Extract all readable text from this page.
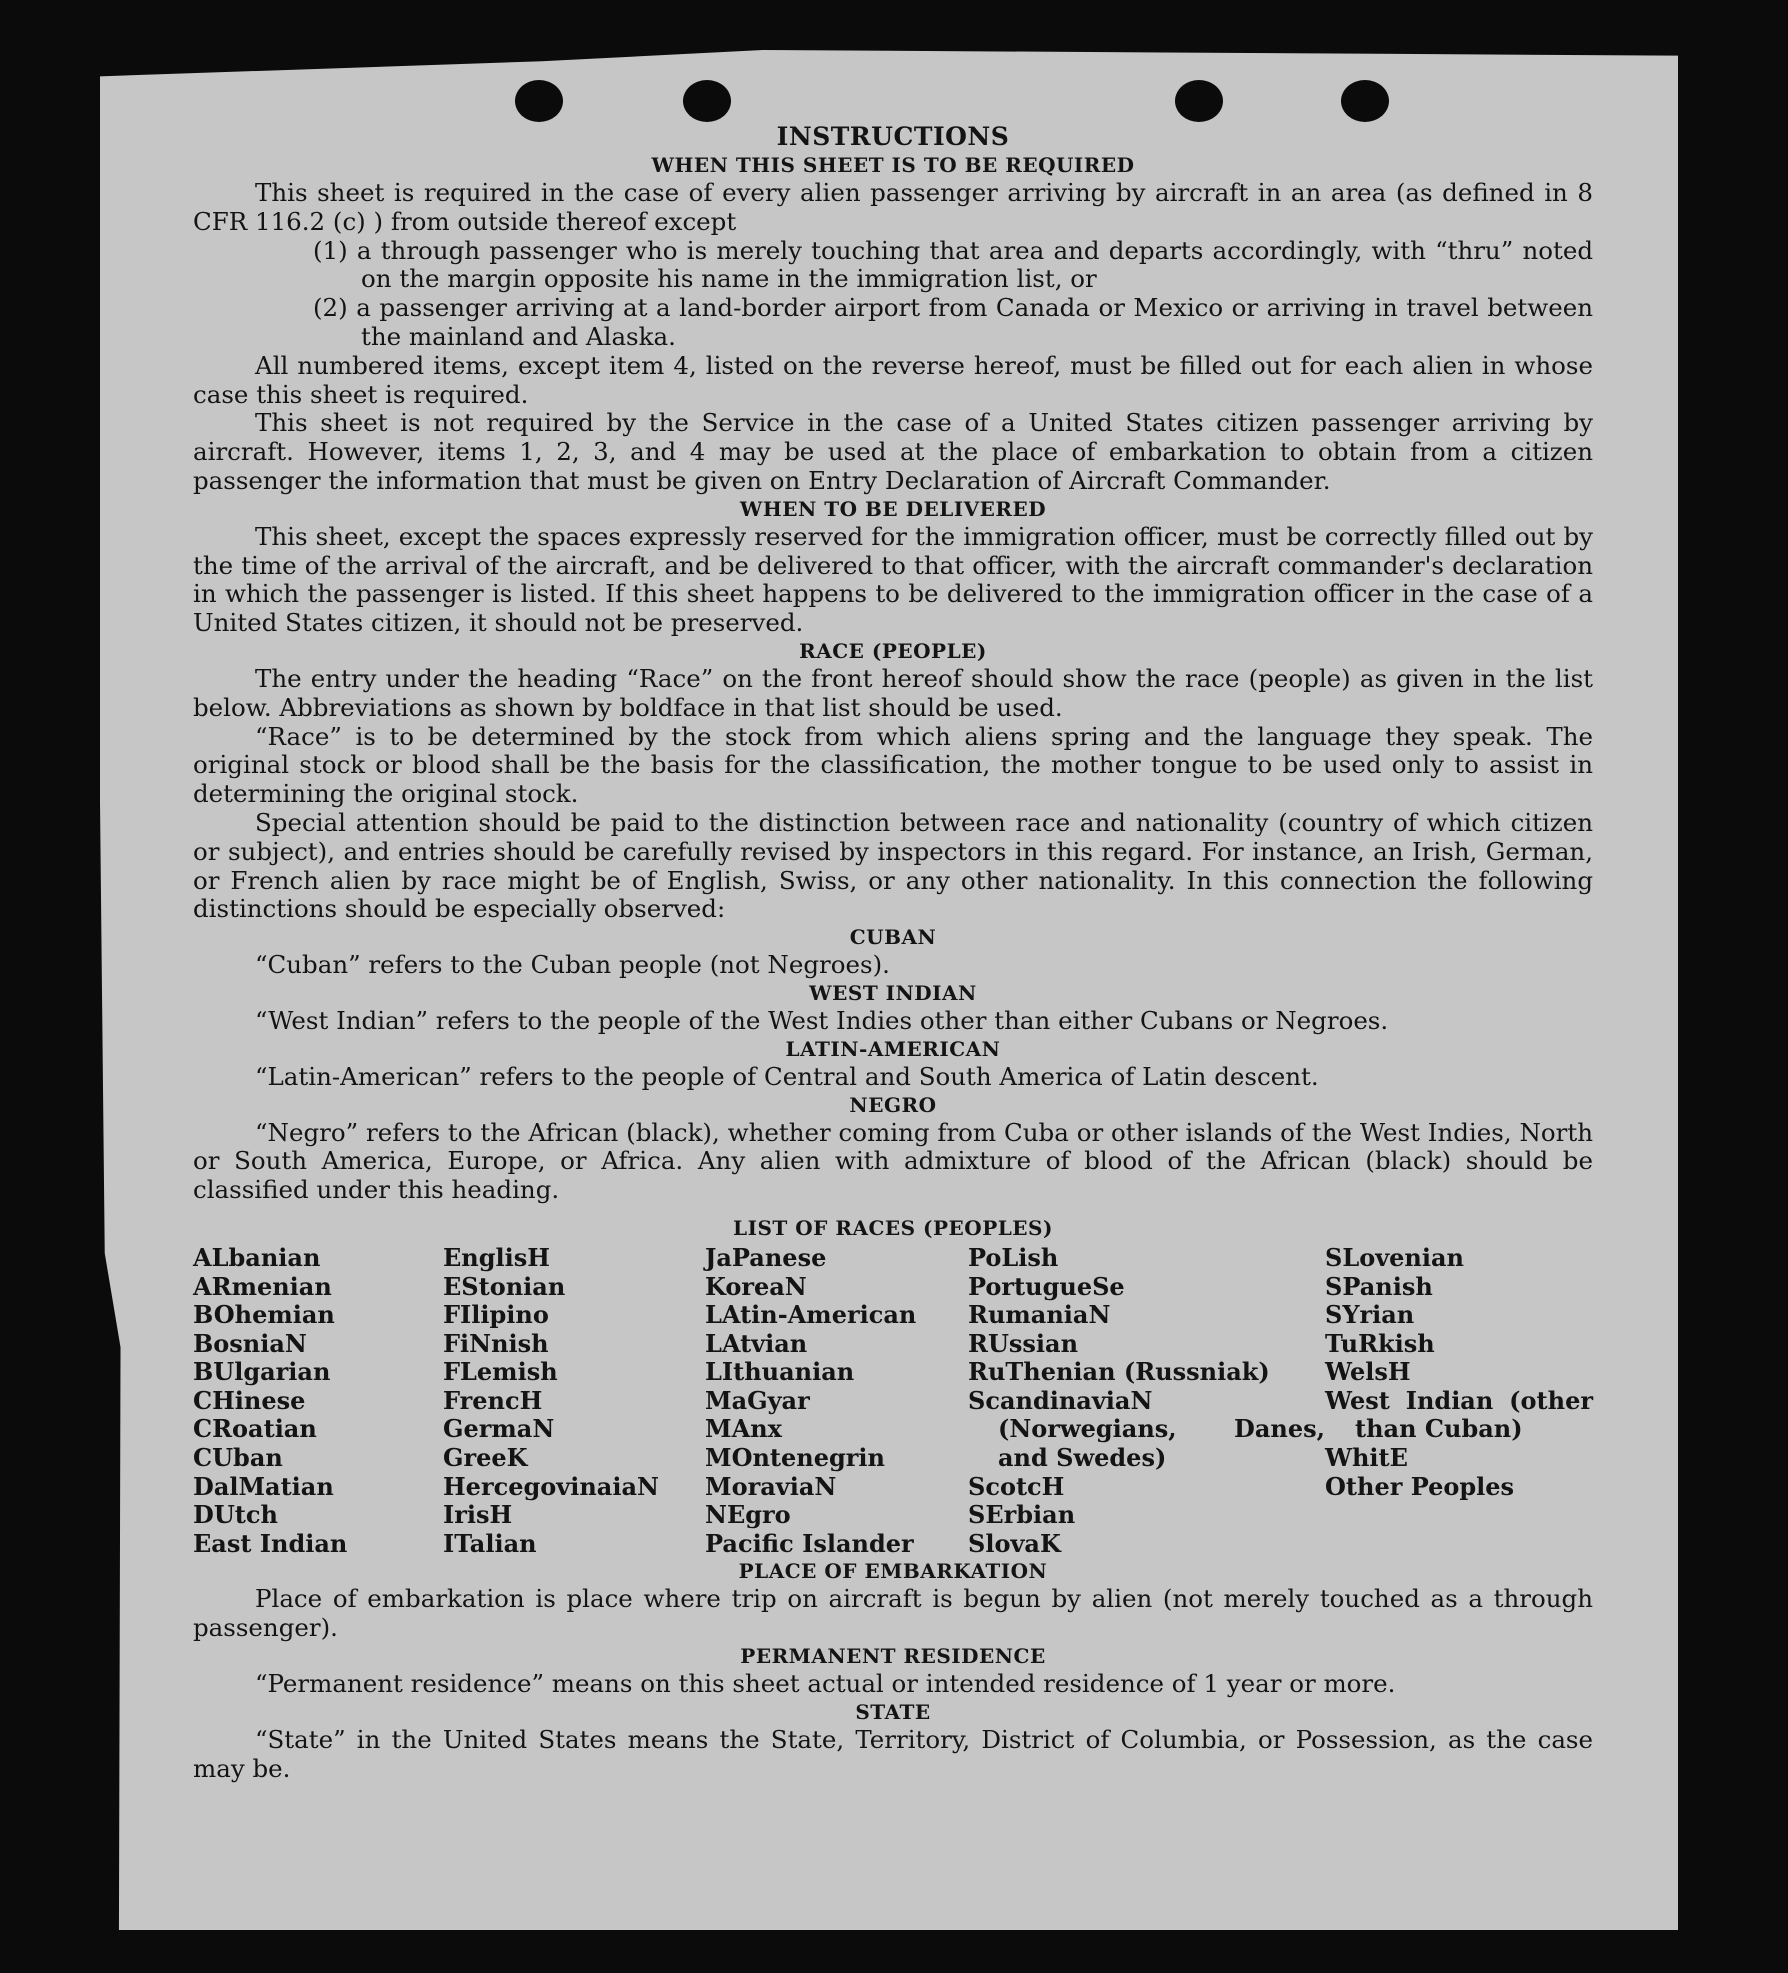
INSTRUCTIONS
WHEN THIS SHEET IS TO BE REQUIRED

This sheet is required in the case of every alien passenger arriving by aircraft in an area (as defined in 8 CFR 116.2 (c) ) from outside thereof except

(1) a through passenger who is merely touching that area and departs accordingly, with “thru” noted on the margin opposite his name in the immigration list, or
(2) a passenger arriving at a land-border airport from Canada or Mexico or arriving in travel between the mainland and Alaska.

All numbered items, except item 4, listed on the reverse hereof, must be filled out for each alien in whose case this sheet is required.

This sheet is not required by the Service in the case of a United States citizen passenger arriving by aircraft. However, items 1, 2, 3, and 4 may be used at the place of embarkation to obtain from a citizen passenger the information that must be given on Entry Declaration of Aircraft Commander.

WHEN TO BE DELIVERED

This sheet, except the spaces expressly reserved for the immigration officer, must be correctly filled out by the time of the arrival of the aircraft, and be delivered to that officer, with the aircraft commander's declaration in which the passenger is listed. If this sheet happens to be delivered to the immigration officer in the case of a United States citizen, it should not be preserved.

RACE (PEOPLE)

The entry under the heading “Race” on the front hereof should show the race (people) as given in the list below. Abbreviations as shown by boldface in that list should be used.

“Race” is to be determined by the stock from which aliens spring and the language they speak. The original stock or blood shall be the basis for the classification, the mother tongue to be used only to assist in determining the original stock.

Special attention should be paid to the distinction between race and nationality (country of which citizen or subject), and entries should be carefully revised by inspectors in this regard. For instance, an Irish, German, or French alien by race might be of English, Swiss, or any other nationality. In this connection the following distinctions should be especially observed:

CUBAN

“Cuban” refers to the Cuban people (not Negroes).

WEST INDIAN

“West Indian” refers to the people of the West Indies other than either Cubans or Negroes.

LATIN-AMERICAN

“Latin-American” refers to the people of Central and South America of Latin descent.

NEGRO

“Negro” refers to the African (black), whether coming from Cuba or other islands of the West Indies, North or South America, Europe, or Africa. Any alien with admixture of blood of the African (black) should be classified under this heading.

LIST OF RACES (PEOPLES)
ALbanian
ARmenian
BOhemian
BosniaN
BUlgarian
CHinese
CRoatian
CUban
DalMatian
DUtch
East Indian
EnglisH
EStonian
FIlipino
FiNnish
FLemish
FrencH
GermaN
GreeK
HercegovinaiaN
IrisH
ITalian
JaPanese
KoreaN
LAtin-American
LAtvian
LIthuanian
MaGyar
MAnx
MOntenegrin
MoraviaN
NEgro
Pacific Islander
PoLish
PortugueSe
RumaniaN
RUssian
RuThenian (Russniak)
ScandinaviaN (Norwegians, Danes, and Swedes)
ScotcH
SErbian
SlovaK
SLovenian
SPanish
SYrian
TuRkish
WelsH
West Indian (other than Cuban)
WhitE
Other Peoples
PLACE OF EMBARKATION

Place of embarkation is place where trip on aircraft is begun by alien (not merely touched as a through passenger).

PERMANENT RESIDENCE

“Permanent residence” means on this sheet actual or intended residence of 1 year or more.

STATE

“State” in the United States means the State, Territory, District of Columbia, or Possession, as the case may be.
